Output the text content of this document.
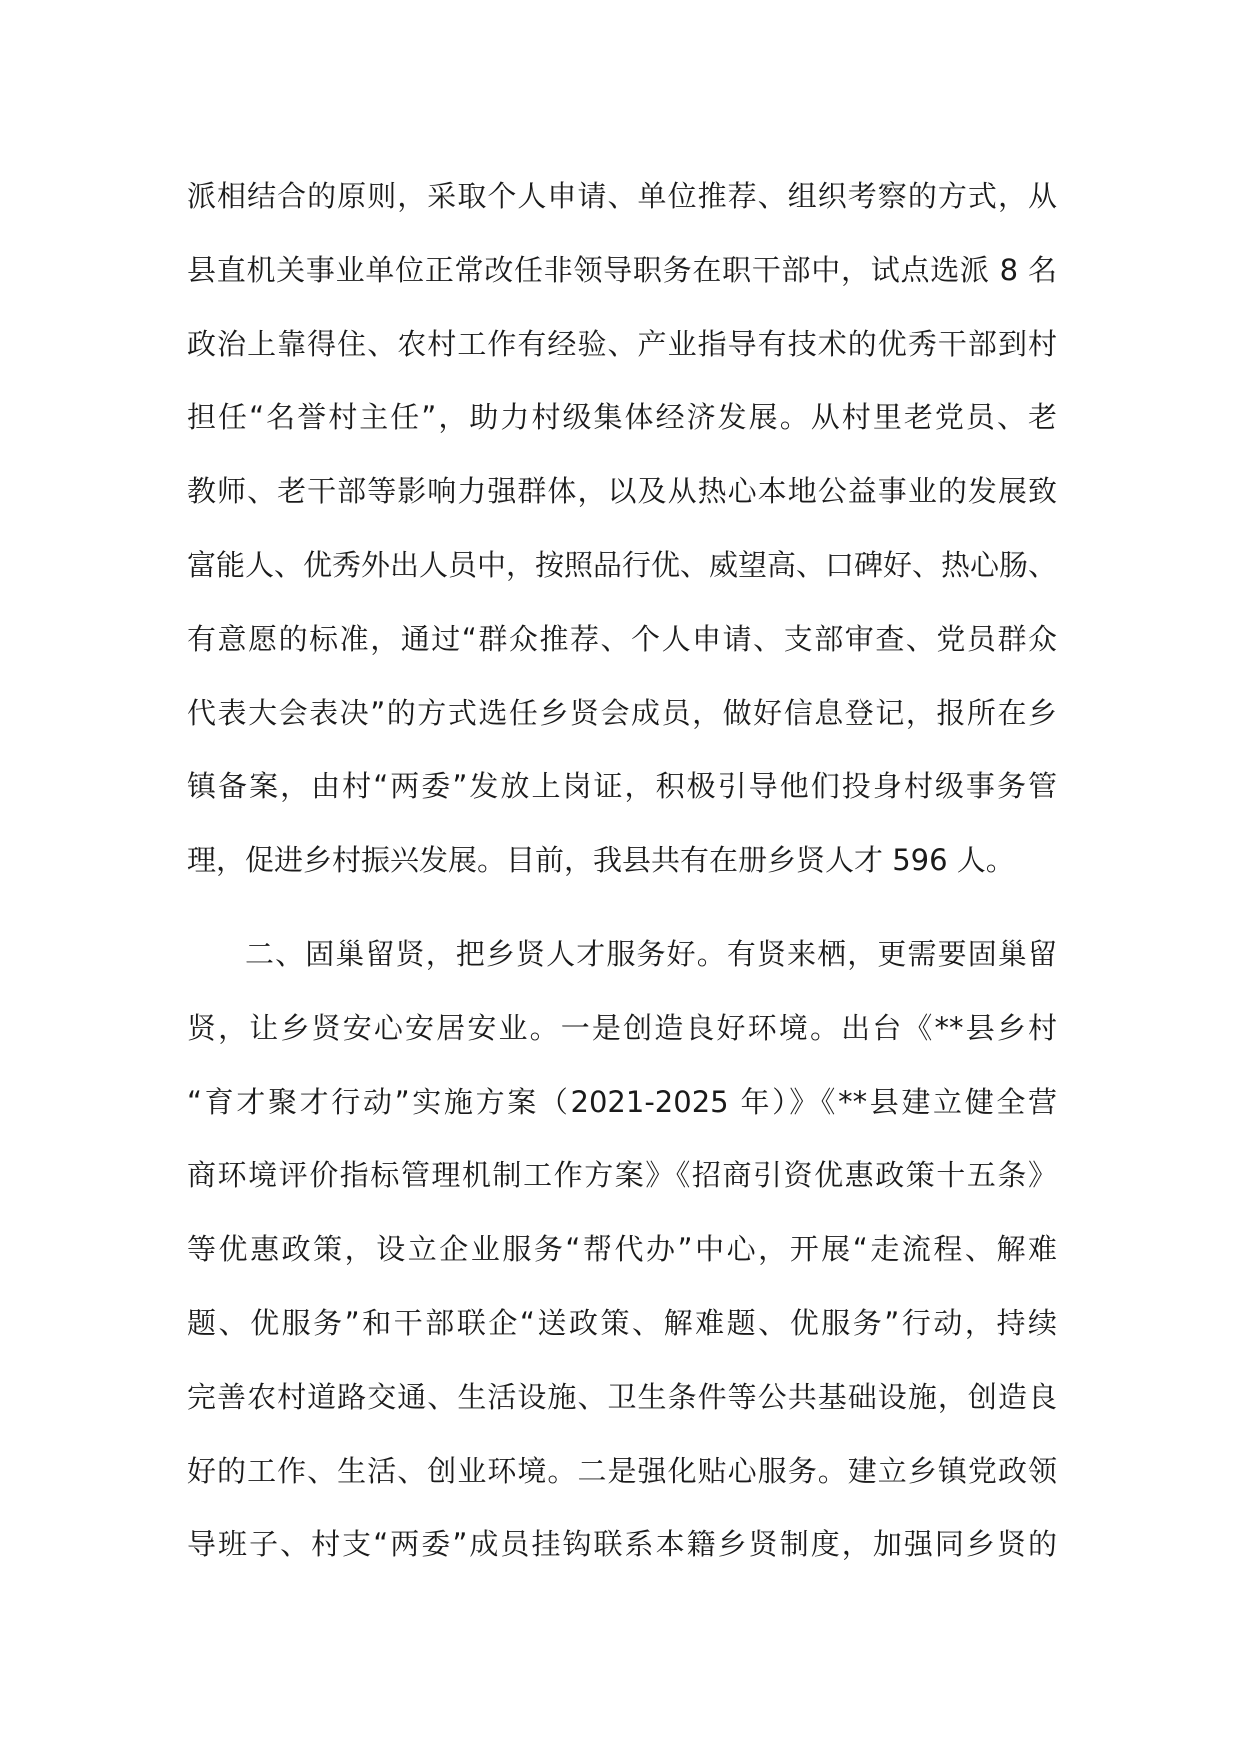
派相结合的原则，采取个人申请、单位推荐、组织考察的方式，从
县直机关事业单位正常改任非领导职务在职干部中，试点选派 8 名
政治上靠得住、农村工作有经验、产业指导有技术的优秀干部到村
担任“名誉村主任”，助力村级集体经济发展。从村里老党员、老
教师、老干部等影响力强群体，以及从热心本地公益事业的发展致
富能人、优秀外出人员中，按照品行优、威望高、口碑好、热心肠、
有意愿的标准，通过“群众推荐、个人申请、支部审查、党员群众
代表大会表决”的方式选任乡贤会成员，做好信息登记，报所在乡
镇备案，由村“两委”发放上岗证，积极引导他们投身村级事务管
理，促进乡村振兴发展。目前，我县共有在册乡贤人才 596 人。
二、固巢留贤，把乡贤人才服务好。有贤来栖，更需要固巢留
贤，让乡贤安心安居安业。一是创造良好环境。出台《**县乡村
“育才聚才行动”实施方案（2021-2025 年）》《**县建立健全营
商环境评价指标管理机制工作方案》《招商引资优惠政策十五条》
等优惠政策，设立企业服务“帮代办”中心，开展“走流程、解难
题、优服务”和干部联企“送政策、解难题、优服务”行动，持续
完善农村道路交通、生活设施、卫生条件等公共基础设施，创造良
好的工作、生活、创业环境。二是强化贴心服务。建立乡镇党政领
导班子、村支“两委”成员挂钩联系本籍乡贤制度，加强同乡贤的
